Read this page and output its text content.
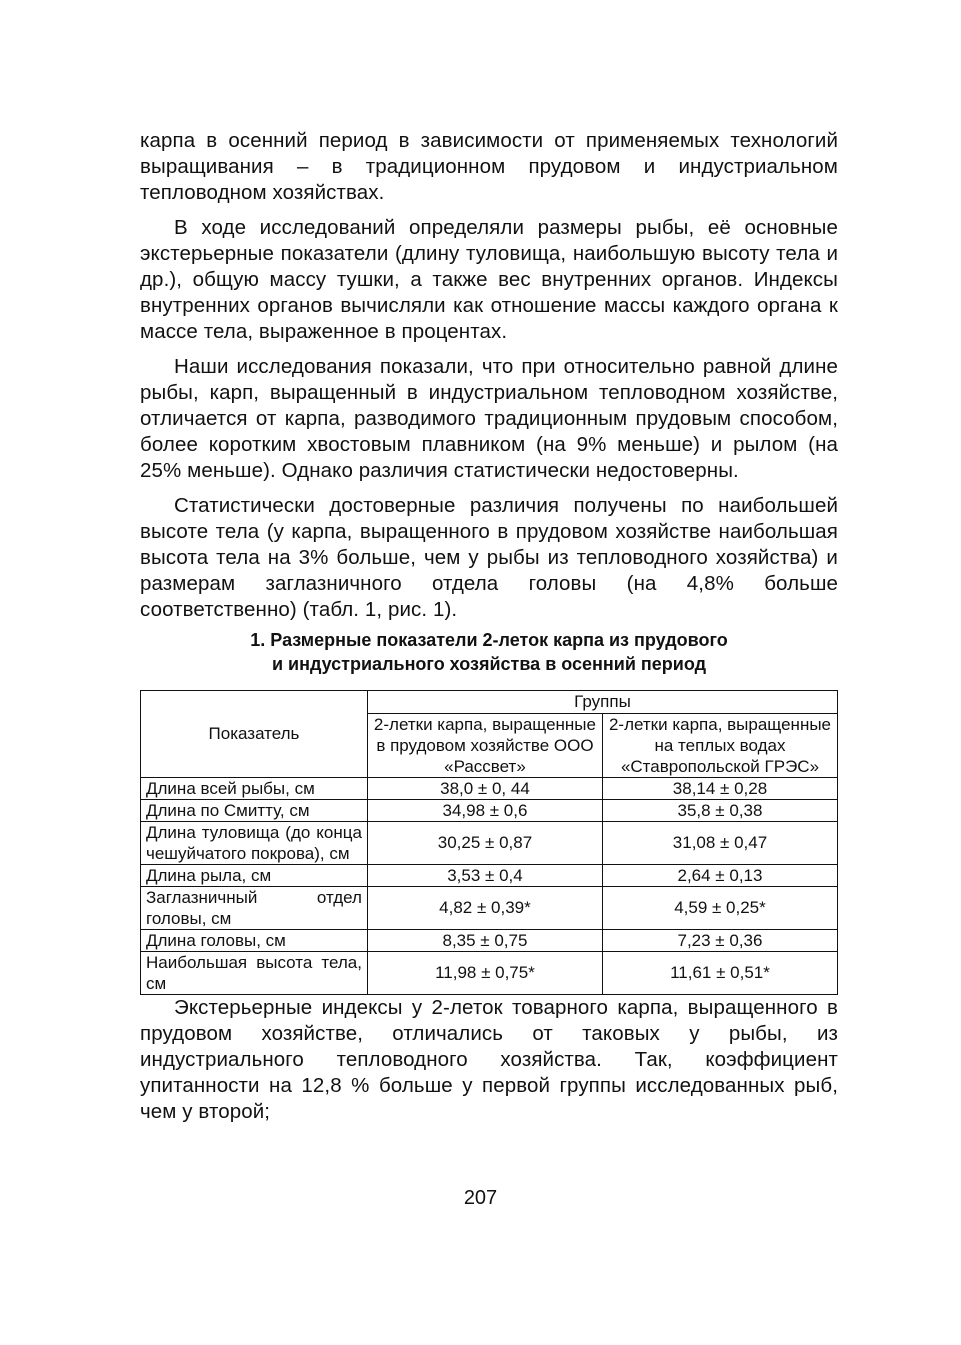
карпа в осенний период в зависимости от применяемых технологий выращивания – в традиционном прудовом и индустриальном тепловодном хозяйствах.

В ходе исследований определяли размеры рыбы, её основные экстерьерные показатели (длину туловища, наибольшую высоту тела и др.), общую массу тушки, а также вес внутренних органов. Индексы внутренних органов вычисляли как отношение массы каждого органа к массе тела, выраженное в процентах.

Наши исследования показали, что при относительно равной длине рыбы, карп, выращенный в индустриальном тепловодном хозяйстве, отличается от карпа, разводимого традиционным прудовым способом, более коротким хвостовым плавником (на 9% меньше) и рылом (на 25% меньше). Однако различия статистически недостоверны.

Статистически достоверные различия получены по наибольшей высоте тела (у карпа, выращенного в прудовом хозяйстве наибольшая высота тела на 3% больше, чем у рыбы из тепловодного хозяйства) и размерам заглазничного отдела головы (на 4,8% больше соответственно) (табл. 1, рис. 1).

1. Размерные показатели 2-леток карпа из прудового
и индустриального хозяйства в осенний период
Показатель	Группы	
	2-летки карпа, выращенные в прудовом хозяйстве ООО «Рассвет»	2-летки карпа, выращенные на теплых водах «Ставропольской ГРЭС»
Длина всей рыбы, см	38,0 ± 0, 44	38,14 ± 0,28
Длина по Смитту, см	34,98 ± 0,6	35,8 ± 0,38
Длина туловища (до конца чешуйчатого покрова), см	30,25 ± 0,87	31,08 ± 0,47
Длина рыла, см	3,53 ± 0,4	2,64 ± 0,13
Заглазничный отдел головы, см	4,82 ± 0,39*	4,59 ± 0,25*
Длина головы, см	8,35 ± 0,75	7,23 ± 0,36
Наибольшая высота тела, см	11,98 ± 0,75*	11,61 ± 0,51*

Экстерьерные индексы у 2-леток товарного карпа, выращенного в прудовом хозяйстве, отличались от таковых у рыбы, из индустриального тепловодного хозяйства. Так, коэффициент упитанности на 12,8 % больше у первой группы исследованных рыб, чем у второй;

207
